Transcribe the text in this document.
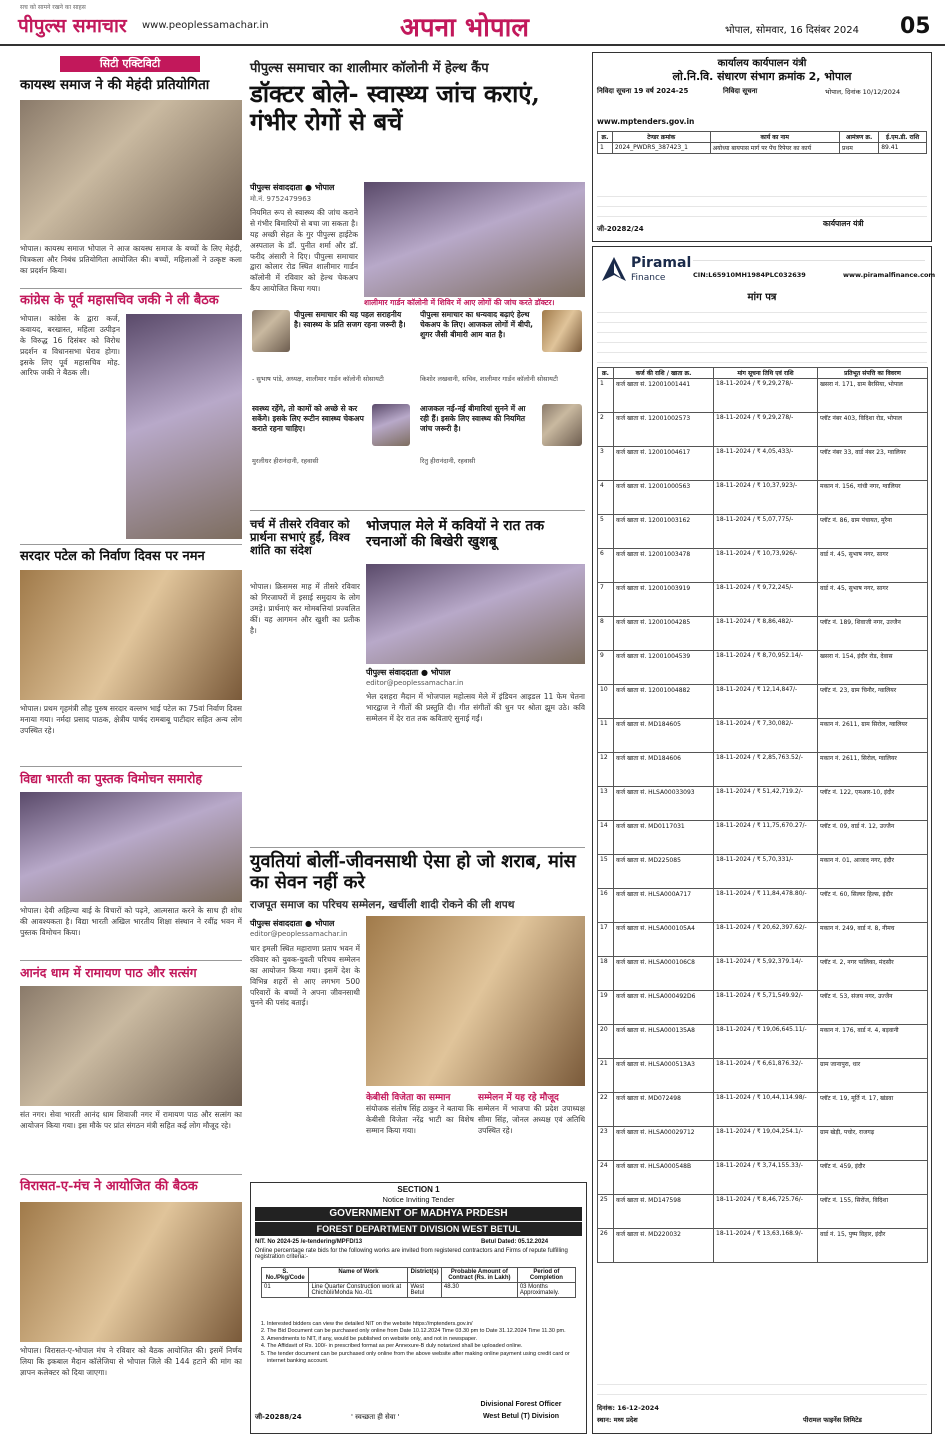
सच को सामने रखने का साहस
पीपुल्स समाचार www.peoplessamachar.in	अपना भोपाल	भोपाल, सोमवार, 16 दिसंबर 2024 05
सिटी एक्टिविटी
कायस्थ समाज ने की मेहंदी प्रतियोगिता
भोपाल। कायस्थ समाज भोपाल ने आज कायस्थ समाज के बच्चों के लिए मेहंदी, चित्रकला और निबंध प्रतियोगिता आयोजित की। बच्चों, महिलाओं ने उत्कृष्ट कला का प्रदर्शन किया।
कांग्रेस के पूर्व महासचिव जकी ने ली बैठक
भोपाल। कांग्रेस के द्वारा कर्ज, कवायद, बरखास्त, महिला उत्पीड़न के विरुद्ध 16 दिसंबर को विरोध प्रदर्शन व विधानसभा घेराव होगा। इसके लिए पूर्व महासचिव मोह. आरिफ जकी ने बैठक ली।
सरदार पटेल को निर्वाण दिवस पर नमन
भोपाल। प्रथम गृहमंत्री लौह पुरुष सरदार वल्लभ भाई पटेल का 75वां निर्वाण दिवस मनाया गया। नर्मदा प्रसाद पाठक, क्षेत्रीय पार्षद रामबाबू पाटीदार सहित अन्य लोग उपस्थित रहे।
विद्या भारती का पुस्तक विमोचन समारोह
भोपाल। देवी अहिल्या बाई के विचारों को पढ़ने, आत्मसात करने के साथ ही शोध की आवश्यकता है। विद्या भारती अखिल भारतीय शिक्षा संस्थान ने रवींद्र भवन में पुस्तक विमोचन किया।
आनंद धाम में रामायण पाठ और सत्संग
संत नगर। सेवा भारती आनंद धाम शिवाजी नगर में रामायण पाठ और सत्संग का आयोजन किया गया। इस मौके पर प्रांत संगठन मंत्री सहित कई लोग मौजूद रहे।
विरासत-ए-मंच ने आयोजित की बैठक
भोपाल। विरासत-ए-भोपाल मंच ने रविवार को बैठक आयोजित की। इसमें निर्णय लिया कि इकबाल मैदान कॉलेजिया से भोपाल जिले की 144 हटाने की मांग का ज्ञापन कलेक्टर को दिया जाएगा।
पीपुल्स समाचार का शालीमार कॉलोनी में हेल्थ कैंप
डॉक्टर बोले- स्वास्थ्य जांच कराएं, गंभीर रोगों से बचें
पीपुल्स संवाददाता ● भोपाल
मो.नं. 9752479963
नियमित रूप से स्वास्थ्य की जांच कराने से गंभीर बिमारियों से बचा जा सकता है। यह अच्छी सेहत के गुर पीपुल्स हाईटेक अस्पताल के डॉ. पुनीत शर्मा और डॉ. फरीद अंसारी ने दिए। पीपुल्स समाचार द्वारा कोलार रोड स्थित शालीमार गार्डन कॉलोनी में रविवार को हेल्थ चेकअप कैंप आयोजित किया गया।
शालीमार गार्डन कॉलोनी में शिविर में आए लोगों की जांच करते डॉक्टर।
पीपुल्स समाचार की यह पहल सराहनीय है। स्वास्थ्य के प्रति सजग रहना जरूरी है।
- सुभाष पांडे, अध्यक्ष, शालीमार गार्डन कॉलोनी सोसायटी
पीपुल्स समाचार का धन्यवाद बढ़ाएं हेल्थ चेकअप के लिए। आजकल लोगों में बीपी, शुगर जैसी बीमारी आम बात है।
किशोर लखवानी, सचिव, शालीमार गार्डन कॉलोनी सोसायटी
स्वस्थ्य रहेंगे, तो कामों को अच्छे से कर सकेंगे। इसके लिए रूटीन स्वास्थ्य चेकअप कराते रहना चाहिए।
मुरलीधर हीरानंदानी, रहवासी
आजकल नई-नई बीमारियां सुनने में आ रही हैं। इसके लिए स्वास्थ्य की नियमित जांच जरूरी है।
रितु हीरानंदानी, रहवासी
चर्च में तीसरे रविवार को प्रार्थना सभाएं हुईं, विश्व शांति का संदेश
भोपाल। क्रिसमस माह में तीसरे रविवार को गिरजाघरों में इसाई समुदाय के लोग उमड़े। प्रार्थनाएं कर मोमबत्तियां प्रज्वलित कीं। यह आगमन और खुशी का प्रतीक है।
भोजपाल मेले में कवियों ने रात तक रचनाओं की बिखेरी खुशबू
पीपुल्स संवाददाता ● भोपाल
editor@peoplessamachar.in
भेल दशहरा मैदान में भोजपाल महोत्सव मेले में इंडियन आइडल 11 फेम चेतना भारद्वाज ने गीतों की प्रस्तुति दी। गीत संगीतों की धुन पर श्रोता झूम उठे। कवि सम्मेलन में देर रात तक कविताएं सुनाई गईं।
युवतियां बोलीं-जीवनसाथी ऐसा हो जो शराब, मांस का सेवन नहीं करे
राजपूत समाज का परिचय सम्मेलन, खर्चीली शादी रोकने की ली शपथ
पीपुल्स संवाददाता ● भोपाल
editor@peoplessamachar.in
चार इमली स्थित महाराणा प्रताप भवन में रविवार को युवक-युवती परिचय सम्मेलन का आयोजन किया गया। इसमें देश के विभिन्न शहरों से आए लगभग 500 परिवारों के बच्चों ने अपना जीवनसाथी चुनने की पसंद बताई।
केबीसी विजेता का सम्मान
संयोजक संतोष सिंह ठाकुर ने बताया कि केबीसी विजेता नरेंद्र भाटी का विशेष सम्मान किया गया।
सम्मेलन में यह रहे मौजूद
सम्मेलन में भाजपा की प्रदेश उपाध्यक्ष सीमा सिंह, जोनल अध्यक्ष एवं अतिथि उपस्थित रहे।
SECTION 1
Notice Inviting Tender
GOVERNMENT OF MADHYA PRDESH
FOREST DEPARTMENT DIVISION WEST BETUL
NIT. No 2024-25 /e-tendering/MPFD/13	Betul Dated: 05.12.2024
Online percentage rate bids for the following works are invited from registered contractors and Firms of repute fulfilling registration criteria:-
S. No./Pkg/Code	Name of Work	District(s)	Probable Amount of Contract (Rs. in Lakh)	Period of Completion
01	Line Quarter Construction work at Chicholi/Mohda No.-01	West Betul	48.30	03 Months Approximately.
1. Interested bidders can view the detailed NIT on the website https://mptenders.gov.in/
2. The Bid Document can be purchased only online from Date 10.12.2024 Time 03.30 pm to Date 31.12.2024 Time 11.30 pm.
3. Amendments to NIT, if any, would be published on website only, and not in newspaper.
4. The Affidavit of Rs. 100/- in prescribed format as per Annexure-B duly notarized shall be uploaded online.
5. The tender document can be purchased only online from the above website after making online payment using credit card or internet banking account.
जी-20288/24	' स्वच्छता ही सेवा '
Divisional Forest Officer
West Betul (T) Division
कार्यालय कार्यपालन यंत्री
लो.नि.वि. संधारण संभाग क्रमांक 2, भोपाल
निविदा सूचना 19 वर्ष 2024-25	निविदा सूचना	भोपाल, दिनांक 10/12/2024
www.mptenders.gov.in
क्र.	टेण्डर क्रमांक	कार्य का नाम	आमंत्रण क्र.	ई.एम.डी. राशि
1	2024_PWDRS_387423_1	अयोध्या बायपास मार्ग पर पेंच रिपेयर का कार्य	प्रथम	89.41
जी-20282/24
कार्यपालन यंत्री
Piramal
Finance	CIN:L65910MH1984PLC032639	www.piramalfinance.com
मांग पत्र
क्र.	कर्ज की राशि / खाता क्र.	मांग सूचना तिथि एवं राशि	प्रतिभूत संपत्ति का विवरण
1	कर्ज खाता सं. 12001001441	18-11-2024 / ₹ 9,29,278/-	खसरा नं. 171, ग्राम बैरसिया, भोपाल
2	कर्ज खाता सं. 12001002573	18-11-2024 / ₹ 9,29,278/-	प्लॉट नंबर 403, विदिशा रोड, भोपाल
3	कर्ज खाता सं. 12001004617	18-11-2024 / ₹ 4,05,433/-	प्लॉट नंबर 33, वार्ड नंबर 23, ग्वालियर
4	कर्ज खाता सं. 12001000563	18-11-2024 / ₹ 10,37,923/-	मकान नं. 156, गांधी नगर, ग्वालियर
5	कर्ज खाता सं. 12001003162	18-11-2024 / ₹ 5,07,775/-	प्लॉट नं. 86, ग्राम पंचायत, मुरैना
6	कर्ज खाता सं. 12001003478	18-11-2024 / ₹ 10,73,926/-	वार्ड नं. 45, सुभाष नगर, सागर
7	कर्ज खाता सं. 12001003919	18-11-2024 / ₹ 9,72,245/-	वार्ड नं. 45, सुभाष नगर, सागर
8	कर्ज खाता सं. 12001004285	18-11-2024 / ₹ 8,86,482/-	प्लॉट नं. 189, शिवाजी नगर, उज्जैन
9	कर्ज खाता सं. 12001004539	18-11-2024 / ₹ 8,70,952.14/-	खसरा नं. 154, इंदौर रोड, देवास
10	कर्ज खाता सं. 12001004882	18-11-2024 / ₹ 12,14,847/-	प्लॉट नं. 23, ग्राम चिनौर, ग्वालियर
11	कर्ज खाता सं. MD184605	18-11-2024 / ₹ 7,30,082/-	मकान नं. 2611, ग्राम सिरोल, ग्वालियर
12	कर्ज खाता सं. MD184606	18-11-2024 / ₹ 2,85,763.52/-	मकान नं. 2611, सिरोल, ग्वालियर
13	कर्ज खाता सं. HLSA00033093	18-11-2024 / ₹ 51,42,719.2/-	प्लॉट नं. 122, एमआर-10, इंदौर
14	कर्ज खाता सं. MD0117031	18-11-2024 / ₹ 11,75,670.27/-	प्लॉट नं. 09, वार्ड नं. 12, उज्जैन
15	कर्ज खाता सं. MD225085	18-11-2024 / ₹ 5,70,331/-	मकान नं. 01, आजाद नगर, इंदौर
16	कर्ज खाता सं. HLSA000A717	18-11-2024 / ₹ 11,84,478.80/-	प्लॉट नं. 60, सिल्वर हिल्स, इंदौर
17	कर्ज खाता सं. HLSA000105A4	18-11-2024 / ₹ 20,62,397.62/-	मकान नं. 249, वार्ड नं. 8, नीमच
18	कर्ज खाता सं. HLSA000106C8	18-11-2024 / ₹ 5,92,379.14/-	प्लॉट नं. 2, नगर पालिका, मंदसौर
19	कर्ज खाता सं. HLSA000492D6	18-11-2024 / ₹ 5,71,549.92/-	प्लॉट नं. 53, संजय नगर, उज्जैन
20	कर्ज खाता सं. HLSA000135A8	18-11-2024 / ₹ 19,06,645.11/-	मकान नं. 176, वार्ड नं. 4, बड़वानी
21	कर्ज खाता सं. HLSA000513A3	18-11-2024 / ₹ 6,61,876.32/-	ग्राम जानापुरा, धार
22	कर्ज खाता सं. MD072498	18-11-2024 / ₹ 10,44,114.98/-	प्लॉट नं. 19, मूर्ति नं. 17, खंडवा
23	कर्ज खाता सं. HLSA00029712	18-11-2024 / ₹ 19,04,254.1/-	ग्राम खेड़ी, पचोर, राजगढ़
24	कर्ज खाता सं. HLSA000548B	18-11-2024 / ₹ 3,74,155.33/-	प्लॉट नं. 459, इंदौर
25	कर्ज खाता सं. MD147598	18-11-2024 / ₹ 8,46,725.76/-	प्लॉट नं. 155, सिरोंज, विदिशा
26	कर्ज खाता सं. MD220032	18-11-2024 / ₹ 13,63,168.9/-	वार्ड नं. 15, पुष्प विहार, इंदौर
दिनांक: 16-12-2024
स्थान: मध्य प्रदेश	पीरामल फाइनेंस लिमिटेड
